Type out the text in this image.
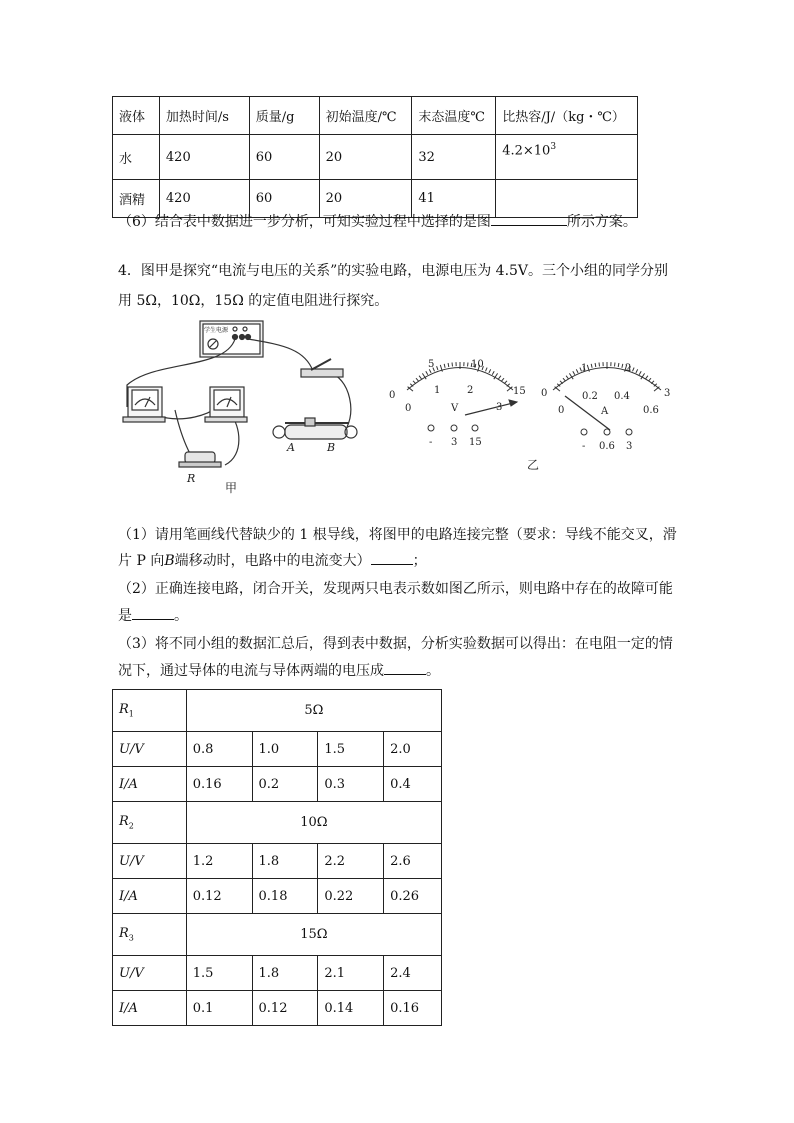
液体	加热时间/s	质量/g	初始温度/℃	末态温度℃	比热容/J/（kg・℃）
水	420	60	20	32	$4.2\times 10^3$
酒精	420	60	20	41	
（6）结合表中数据进一步分析，可知实验过程中选择的是图	所示方案。
4．图甲是探究“电流与电压的关系”的实验电路，电源电压为 4.5V。三个小组的同学分别
用 5Ω，10Ω，15Ω 的定值电阻进行探究。
学生电源
R
A	B
甲
5	10
0
0
1	2
3
15
V
- 3 15
1	2
3
0
0
0.2 0.4
0.6
A
- 0.6 3
乙
（1）请用笔画线代替缺少的 1 根导线，将图甲的电路连接完整（要求：导线不能交叉，滑
片 P 向B端移动时，电路中的电流变大）	；
（2）正确连接电路，闭合开关，发现两只电表示数如图乙所示，则电路中存在的故障可能
是	。
（3）将不同小组的数据汇总后，得到表中数据，分析实验数据可以得出：在电阻一定的情
况下，通过导体的电流与导体两端的电压成	。
$R_1$	5Ω			
U/V	0.8	1.0	1.5	2.0
I/A	0.16	0.2	0.3	0.4
$R_2$	10Ω			
U/V	1.2	1.8	2.2	2.6
I/A	0.12	0.18	0.22	0.26
$R_3$	15Ω			
U/V	1.5	1.8	2.1	2.4
I/A	0.1	0.12	0.14	0.16
